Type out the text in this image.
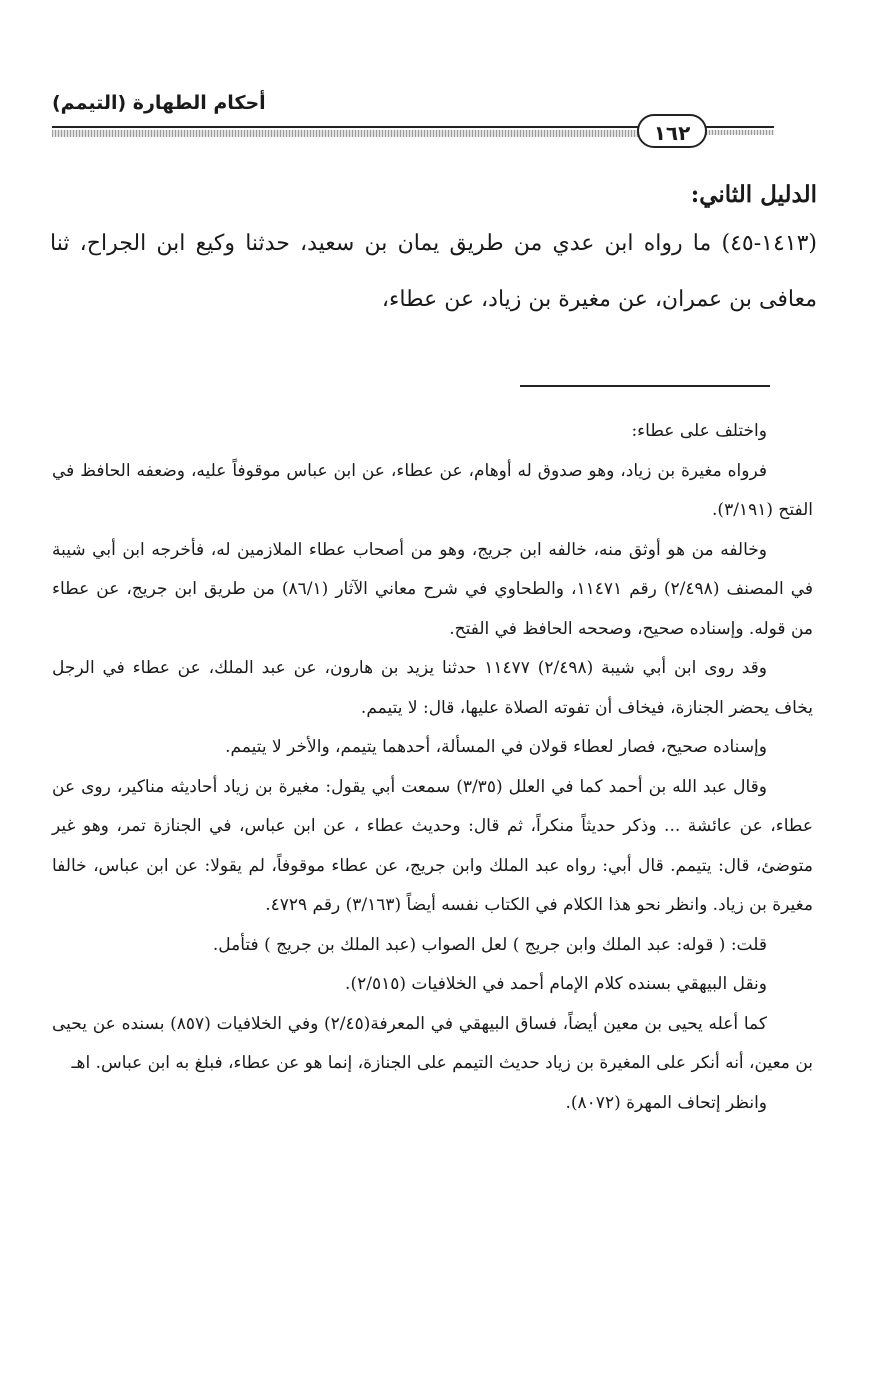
أحكام الطهارة (التيمم)
١٦٢

الدليل الثاني:

(١٤١٣-٤٥) ما رواه ابن عدي من طريق يمان بن سعيد، حدثنا وكيع ابن الجراح، ثنا معافى بن عمران، عن مغيرة بن زياد، عن عطاء،

واختلف على عطاء:

فرواه مغيرة بن زياد، وهو صدوق له أوهام، عن عطاء، عن ابن عباس موقوفاً عليه، وضعفه الحافظ في الفتح (٣/١٩١).

وخالفه من هو أوثق منه، خالفه ابن جريج، وهو من أصحاب عطاء الملازمين له، فأخرجه ابن أبي شيبة في المصنف (٢/٤٩٨) رقم ١١٤٧١، والطحاوي في شرح معاني الآثار (٨٦/١) من طريق ابن جريج، عن عطاء من قوله. وإسناده صحيح، وصححه الحافظ في الفتح.

وقد روى ابن أبي شيبة (٢/٤٩٨) ١١٤٧٧ حدثنا يزيد بن هارون، عن عبد الملك، عن عطاء في الرجل يخاف يحضر الجنازة، فيخاف أن تفوته الصلاة عليها، قال: لا يتيمم.

وإسناده صحيح، فصار لعطاء قولان في المسألة، أحدهما يتيمم، والأخر لا يتيمم.

وقال عبد الله بن أحمد كما في العلل (٣/٣٥) سمعت أبي يقول: مغيرة بن زياد أحاديثه مناكير، روى عن عطاء، عن عائشة ... وذكر حديثاً منكراً، ثم قال: وحديث عطاء ، عن ابن عباس، في الجنازة تمر، وهو غير متوضئ، قال: يتيمم. قال أبي: رواه عبد الملك وابن جريج، عن عطاء موقوفاً، لم يقولا: عن ابن عباس، خالفا مغيرة بن زياد. وانظر نحو هذا الكلام في الكتاب نفسه أيضاً (٣/١٦٣) رقم ٤٧٢٩.

قلت: ( قوله: عبد الملك وابن جريج ) لعل الصواب (عبد الملك بن جريج ) فتأمل.

ونقل البيهقي بسنده كلام الإمام أحمد في الخلافيات (٢/٥١٥).

كما أعله يحيى بن معين أيضاً، فساق البيهقي في المعرفة(٢/٤٥) وفي الخلافيات (٨٥٧) بسنده عن يحيى بن معين، أنه أنكر على المغيرة بن زياد حديث التيمم على الجنازة، إنما هو عن عطاء، فبلغ به ابن عباس. اهـ

وانظر إتحاف المهرة (٨٠٧٢).
